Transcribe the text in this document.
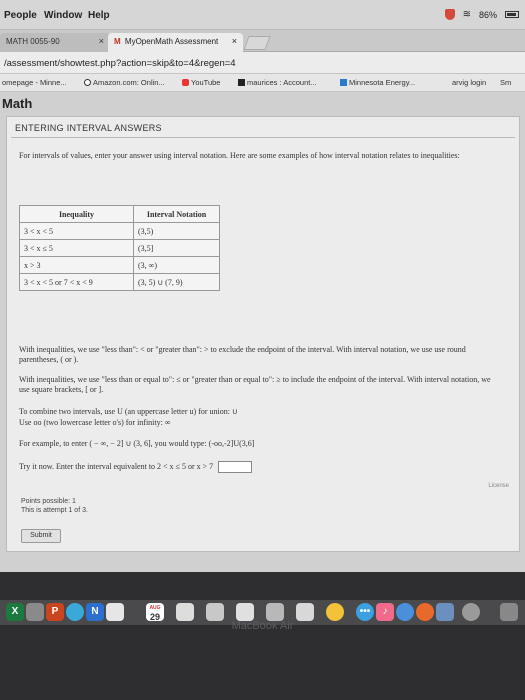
People Window Help	≋ 86%
MATH 0055-90	×	M MyOpenMath Assessment ×
/assessment/showtest.php?action=skip&to=4&regen=4
omepage - Minne...	Amazon.com: Onlin...	YouTube	maurices : Account...	Minnesota Energy...	arvig login Sm
Math
ENTERING INTERVAL ANSWERS
For intervals of values, enter your answer using interval notation. Here are some examples of how interval notation relates to inequalities:
Inequality	Interval Notation
3 < x < 5	(3,5)
3 < x ≤ 5	(3,5]
x > 3	(3, ∞)
3 < x < 5 or 7 < x < 9	(3, 5) ∪ (7, 9)
With inequalities, we use "less than": < or "greater than": > to exclude the endpoint of the interval. With interval notation, we use use round parentheses, ( or ).
With inequalities, we use "less than or equal to": ≤ or "greater than or equal to": ≥ to include the endpoint of the interval. With interval notation, we use square brackets, [ or ].
To combine two intervals, use U (an uppercase letter u) for union: ∪
Use oo (two lowercase letter o's) for infinity: ∞
For example, to enter ( − ∞, − 2] ∪ (3, 6], you would type: (-oo,-2]U(3,6]
Try it now. Enter the interval equivalent to 2 < x ≤ 5 or x > 7
License
Points possible: 1
This is attempt 1 of 3.
Submit
X	P	N	AUG
29	•••	♪
MacBook Air
